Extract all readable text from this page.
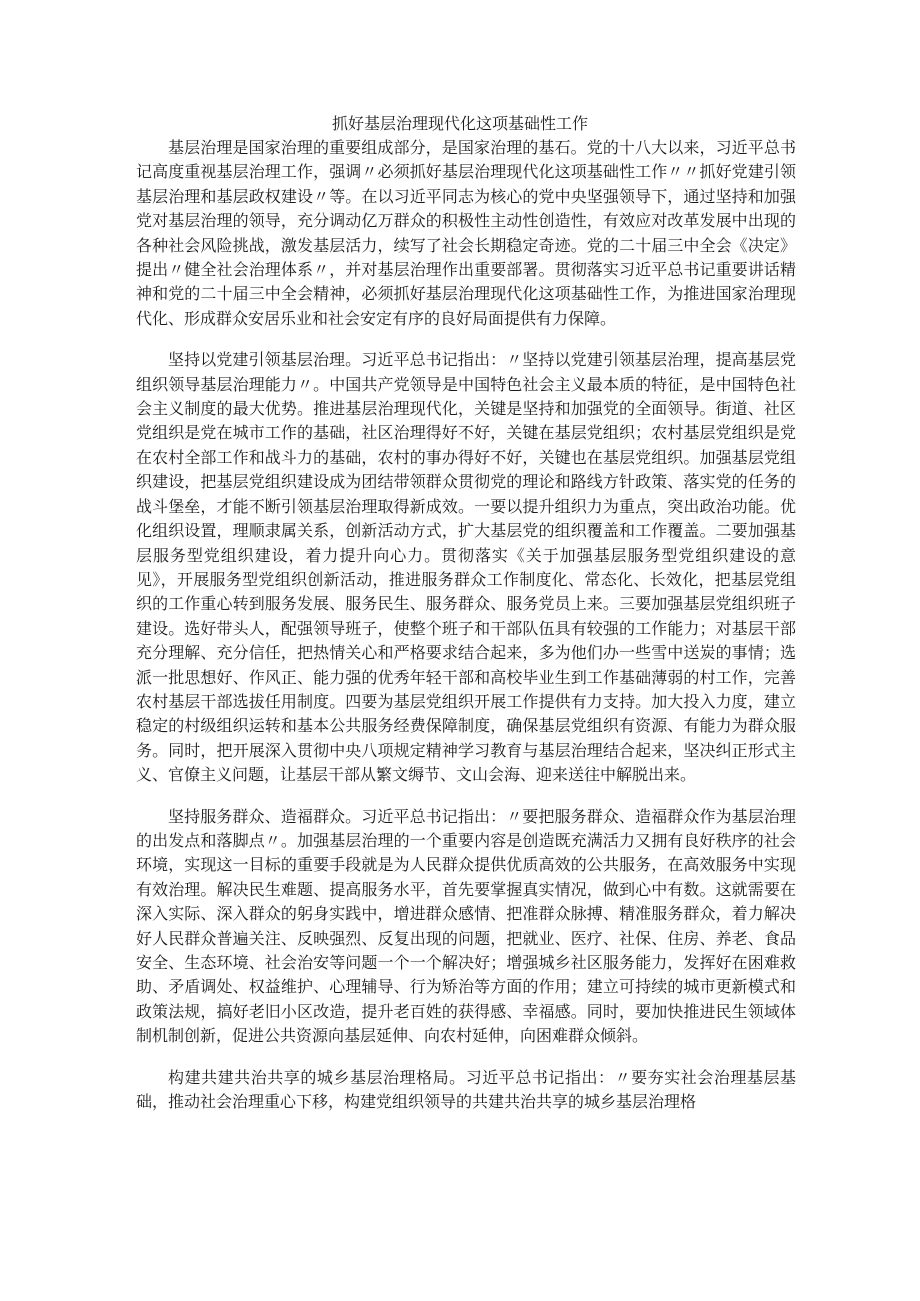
抓好基层治理现代化这项基础性工作

基层治理是国家治理的重要组成部分，是国家治理的基石。党的十八大以来，习近平总书记高度重视基层治理工作，强调〃必须抓好基层治理现代化这项基础性工作〃〃抓好党建引领基层治理和基层政权建设〃等。在以习近平同志为核心的党中央坚强领导下，通过坚持和加强党对基层治理的领导，充分调动亿万群众的积极性主动性创造性，有效应对改革发展中出现的各种社会风险挑战，激发基层活力，续写了社会长期稳定奇迹。党的二十届三中全会《决定》提出〃健全社会治理体系〃，并对基层治理作出重要部署。贯彻落实习近平总书记重要讲话精神和党的二十届三中全会精神，必须抓好基层治理现代化这项基础性工作，为推进国家治理现代化、形成群众安居乐业和社会安定有序的良好局面提供有力保障。

坚持以党建引领基层治理。习近平总书记指出：〃坚持以党建引领基层治理，提高基层党组织领导基层治理能力〃。中国共产党领导是中国特色社会主义最本质的特征，是中国特色社会主义制度的最大优势。推进基层治理现代化，关键是坚持和加强党的全面领导。街道、社区党组织是党在城市工作的基础，社区治理得好不好，关键在基层党组织；农村基层党组织是党在农村全部工作和战斗力的基础，农村的事办得好不好，关键也在基层党组织。加强基层党组织建设，把基层党组织建设成为团结带领群众贯彻党的理论和路线方针政策、落实党的任务的战斗堡垒，才能不断引领基层治理取得新成效。一要以提升组织力为重点，突出政治功能。优化组织设置，理顺隶属关系，创新活动方式，扩大基层党的组织覆盖和工作覆盖。二要加强基层服务型党组织建设，着力提升向心力。贯彻落实《关于加强基层服务型党组织建设的意见》，开展服务型党组织创新活动，推进服务群众工作制度化、常态化、长效化，把基层党组织的工作重心转到服务发展、服务民生、服务群众、服务党员上来。三要加强基层党组织班子建设。选好带头人，配强领导班子，使整个班子和干部队伍具有较强的工作能力；对基层干部充分理解、充分信任，把热情关心和严格要求结合起来，多为他们办一些雪中送炭的事情；选派一批思想好、作风正、能力强的优秀年轻干部和高校毕业生到工作基础薄弱的村工作，完善农村基层干部选拔任用制度。四要为基层党组织开展工作提供有力支持。加大投入力度，建立稳定的村级组织运转和基本公共服务经费保障制度，确保基层党组织有资源、有能力为群众服务。同时，把开展深入贯彻中央八项规定精神学习教育与基层治理结合起来，坚决纠正形式主义、官僚主义问题，让基层干部从繁文缛节、文山会海、迎来送往中解脱出来。

坚持服务群众、造福群众。习近平总书记指出：〃要把服务群众、造福群众作为基层治理的出发点和落脚点〃。加强基层治理的一个重要内容是创造既充满活力又拥有良好秩序的社会环境，实现这一目标的重要手段就是为人民群众提供优质高效的公共服务，在高效服务中实现有效治理。解决民生难题、提高服务水平，首先要掌握真实情况，做到心中有数。这就需要在深入实际、深入群众的躬身实践中，增进群众感情、把准群众脉搏、精准服务群众，着力解决好人民群众普遍关注、反映强烈、反复出现的问题，把就业、医疗、社保、住房、养老、食品安全、生态环境、社会治安等问题一个一个解决好；增强城乡社区服务能力，发挥好在困难救助、矛盾调处、权益维护、心理辅导、行为矫治等方面的作用；建立可持续的城市更新模式和政策法规，搞好老旧小区改造，提升老百姓的获得感、幸福感。同时，要加快推进民生领域体制机制创新，促进公共资源向基层延伸、向农村延伸，向困难群众倾斜。

构建共建共治共享的城乡基层治理格局。习近平总书记指出：〃要夯实社会治理基层基础，推动社会治理重心下移，构建党组织领导的共建共治共享的城乡基层治理格
